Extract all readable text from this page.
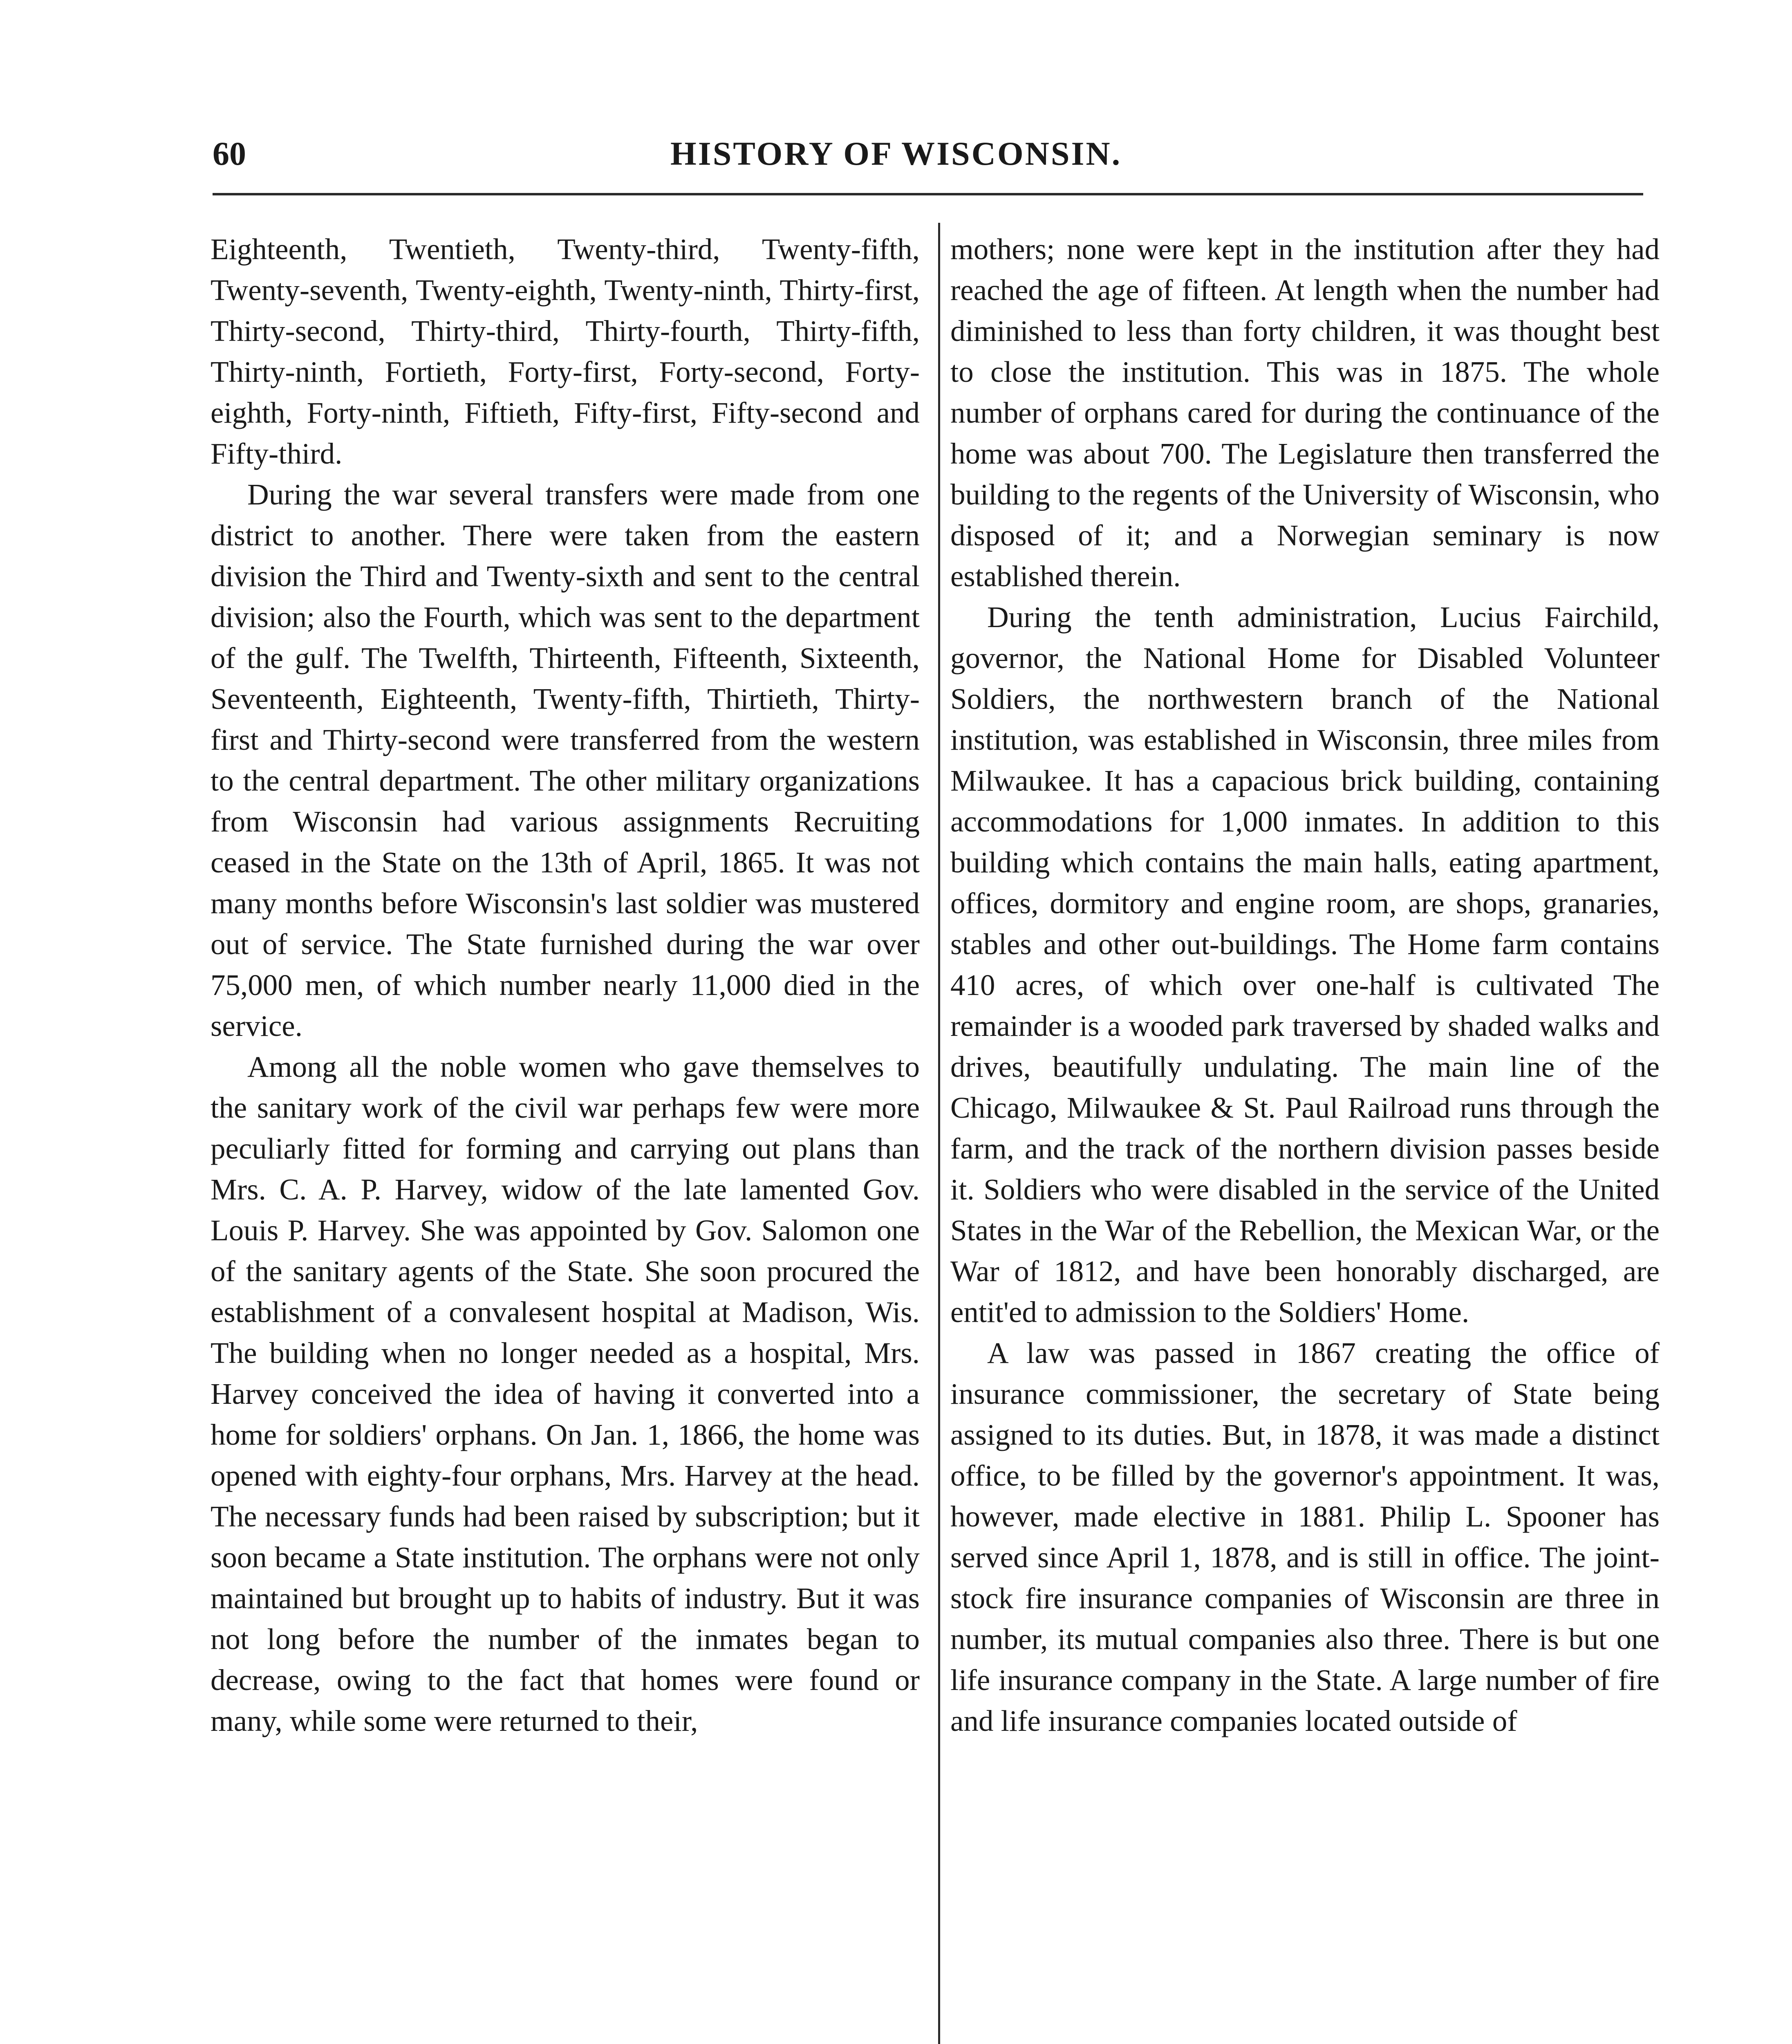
60	HISTORY OF WISCONSIN.

Eighteenth, Twentieth, Twenty-third, Twenty-fifth, Twenty-seventh, Twenty-eighth, Twenty-ninth, Thirty-first, Thirty-second, Thirty-third, Thirty-fourth, Thirty-fifth, Thirty-ninth, Fortieth, Forty-first, Forty-second, Forty-eighth, Forty-ninth, Fiftieth, Fifty-first, Fifty-second and Fifty-third.

During the war several transfers were made from one district to another. There were taken from the eastern division the Third and Twenty-sixth and sent to the central division; also the Fourth, which was sent to the department of the gulf. The Twelfth, Thirteenth, Fifteenth, Sixteenth, Seventeenth, Eighteenth, Twenty-fifth, Thirtieth, Thirty-first and Thirty-second were transferred from the western to the central department. The other military organizations from Wisconsin had various assignments Recruiting ceased in the State on the 13th of April, 1865. It was not many months before Wisconsin's last soldier was mustered out of service. The State furnished during the war over 75,000 men, of which number nearly 11,000 died in the service.

Among all the noble women who gave themselves to the sanitary work of the civil war perhaps few were more peculiarly fitted for forming and carrying out plans than Mrs. C. A. P. Harvey, widow of the late lamented Gov. Louis P. Harvey. She was appointed by Gov. Salomon one of the sanitary agents of the State. She soon procured the establishment of a convalesent hospital at Madison, Wis. The building when no longer needed as a hospital, Mrs. Harvey conceived the idea of having it converted into a home for soldiers' orphans. On Jan. 1, 1866, the home was opened with eighty-four orphans, Mrs. Harvey at the head. The necessary funds had been raised by subscription; but it soon became a State institution. The orphans were not only maintained but brought up to habits of industry. But it was not long before the number of the inmates began to decrease, owing to the fact that homes were found or many, while some were returned to their,

mothers; none were kept in the institution after they had reached the age of fifteen. At length when the number had diminished to less than forty children, it was thought best to close the institution. This was in 1875. The whole number of orphans cared for during the continuance of the home was about 700. The Legislature then transferred the building to the regents of the University of Wisconsin, who disposed of it; and a Norwegian seminary is now established therein.

During the tenth administration, Lucius Fairchild, governor, the National Home for Disabled Volunteer Soldiers, the northwestern branch of the National institution, was established in Wisconsin, three miles from Milwaukee. It has a capacious brick building, containing accommodations for 1,000 inmates. In addition to this building which contains the main halls, eating apartment, offices, dormitory and engine room, are shops, granaries, stables and other out-buildings. The Home farm contains 410 acres, of which over one-half is cultivated The remainder is a wooded park traversed by shaded walks and drives, beautifully undulating. The main line of the Chicago, Milwaukee & St. Paul Railroad runs through the farm, and the track of the northern division passes beside it. Soldiers who were disabled in the service of the United States in the War of the Rebellion, the Mexican War, or the War of 1812, and have been honorably discharged, are entit'ed to admission to the Soldiers' Home.

A law was passed in 1867 creating the office of insurance commissioner, the secretary of State being assigned to its duties. But, in 1878, it was made a distinct office, to be filled by the governor's appointment. It was, however, made elective in 1881. Philip L. Spooner has served since April 1, 1878, and is still in office. The joint-stock fire insurance companies of Wisconsin are three in number, its mutual companies also three. There is but one life insurance company in the State. A large number of fire and life insurance companies located outside of
